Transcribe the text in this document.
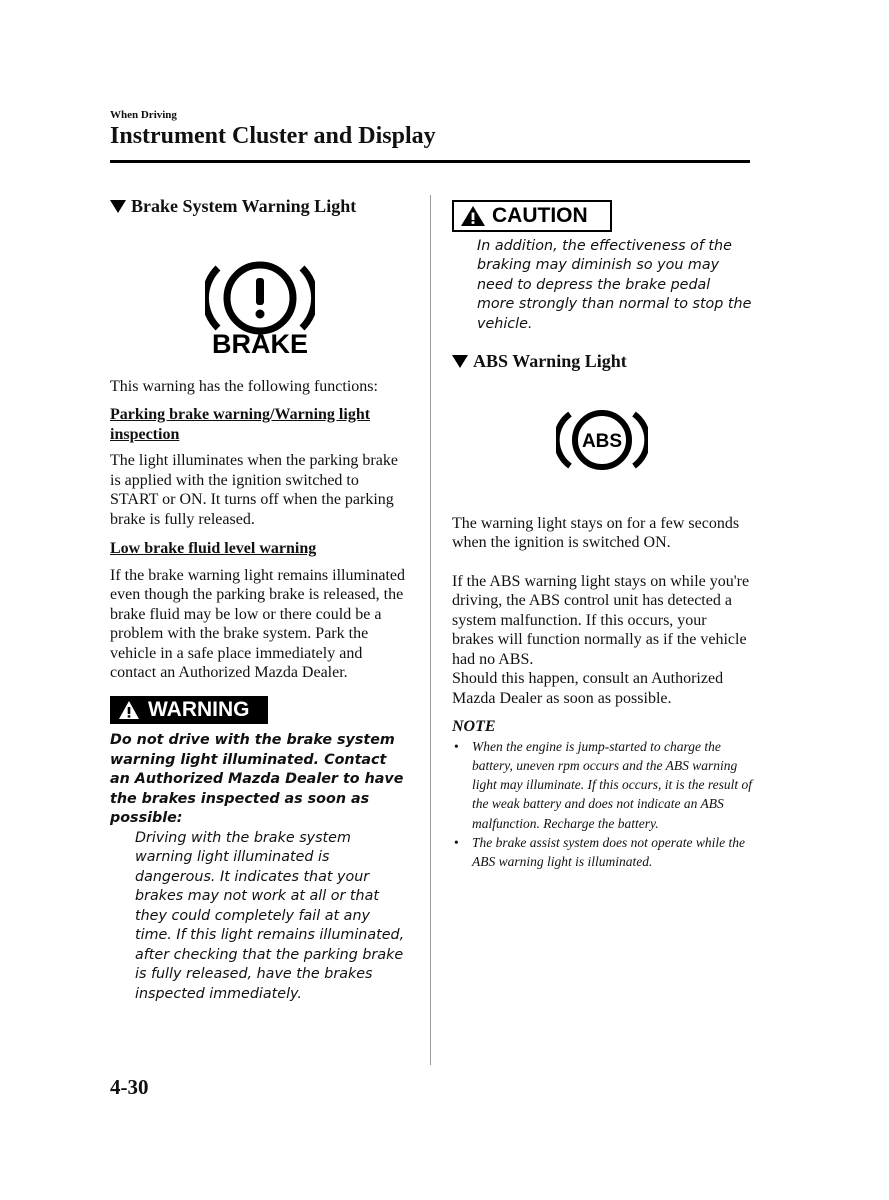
When Driving
Instrument Cluster and Display
Brake System Warning Light
BRAKE

This warning has the following functions:

Parking brake warning/Warning light inspection

The light illuminates when the parking brake is applied with the ignition switched to START or ON. It turns off when the parking brake is fully released.

Low brake fluid level warning

If the brake warning light remains illuminated even though the parking brake is released, the brake fluid may be low or there could be a problem with the brake system. Park the vehicle in a safe place immediately and contact an Authorized Mazda Dealer.

WARNING

Do not drive with the brake system warning light illuminated. Contact an Authorized Mazda Dealer to have the brakes inspected as soon as possible:

Driving with the brake system warning light illuminated is dangerous. It indicates that your brakes may not work at all or that they could completely fail at any time. If this light remains illuminated, after checking that the parking brake is fully released, have the brakes inspected immediately.

CAUTION

In addition, the effectiveness of the braking may diminish so you may need to depress the brake pedal more strongly than normal to stop the vehicle.

ABS Warning Light
ABS

The warning light stays on for a few seconds when the ignition is switched ON.

If the ABS warning light stays on while you're driving, the ABS control unit has detected a system malfunction. If this occurs, your brakes will function normally as if the vehicle had no ABS.

Should this happen, consult an Authorized Mazda Dealer as soon as possible.

NOTE

• When the engine is jump-started to charge the battery, uneven rpm occurs and the ABS warning light may illuminate. If this occurs, it is the result of the weak battery and does not indicate an ABS malfunction. Recharge the battery.
• The brake assist system does not operate while the ABS warning light is illuminated.
4-30
